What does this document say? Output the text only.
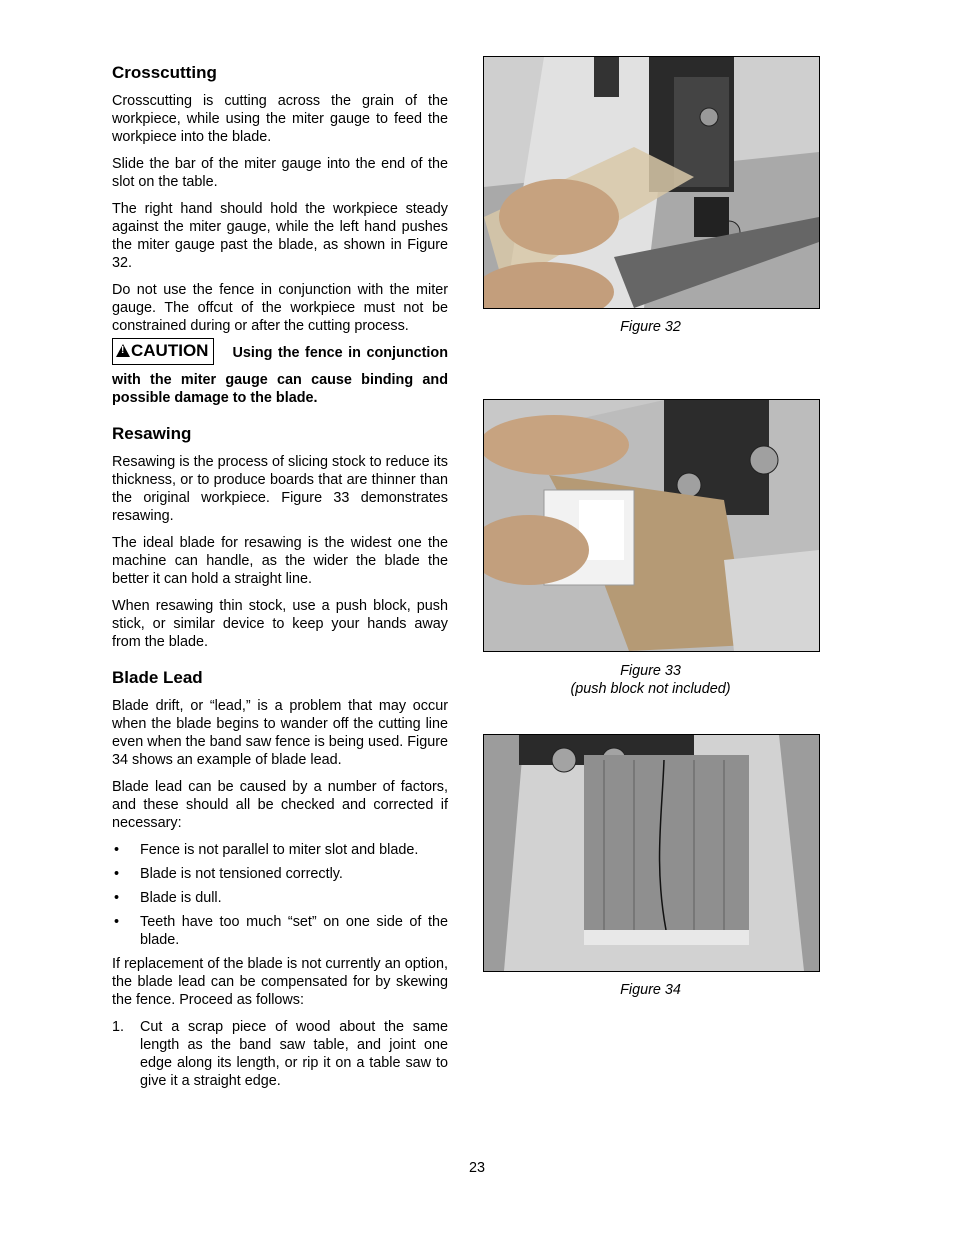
Crosscutting

Crosscutting is cutting across the grain of the workpiece, while using the miter gauge to feed the workpiece into the blade.

Slide the bar of the miter gauge into the end of the slot on the table.

The right hand should hold the workpiece steady against the miter gauge, while the left hand pushes the miter gauge past the blade, as shown in Figure 32.

Do not use the fence in conjunction with the miter gauge. The offcut of the workpiece must not be constrained during or after the cutting process.

!CAUTION Using the fence in conjunction with the miter gauge can cause binding and possible damage to the blade.

Resawing

Resawing is the process of slicing stock to reduce its thickness, or to produce boards that are thinner than the original workpiece. Figure 33 demonstrates resawing.

The ideal blade for resawing is the widest one the machine can handle, as the wider the blade the better it can hold a straight line.

When resawing thin stock, use a push block, push stick, or similar device to keep your hands away from the blade.

Blade Lead

Blade drift, or “lead,” is a problem that may occur when the blade begins to wander off the cutting line even when the band saw fence is being used. Figure 34 shows an example of blade lead.

Blade lead can be caused by a number of factors, and these should all be checked and corrected if necessary:

• Fence is not parallel to miter slot and blade.
• Blade is not tensioned correctly.
• Blade is dull.
• Teeth have too much “set” on one side of the blade.

If replacement of the blade is not currently an option, the blade lead can be compensated for by skewing the fence. Proceed as follows:

1. Cut a scrap piece of wood about the same length as the band saw table, and joint one edge along its length, or rip it on a table saw to give it a straight edge.
Figure 32
Figure 33
(push block not included)
Figure 34
23
